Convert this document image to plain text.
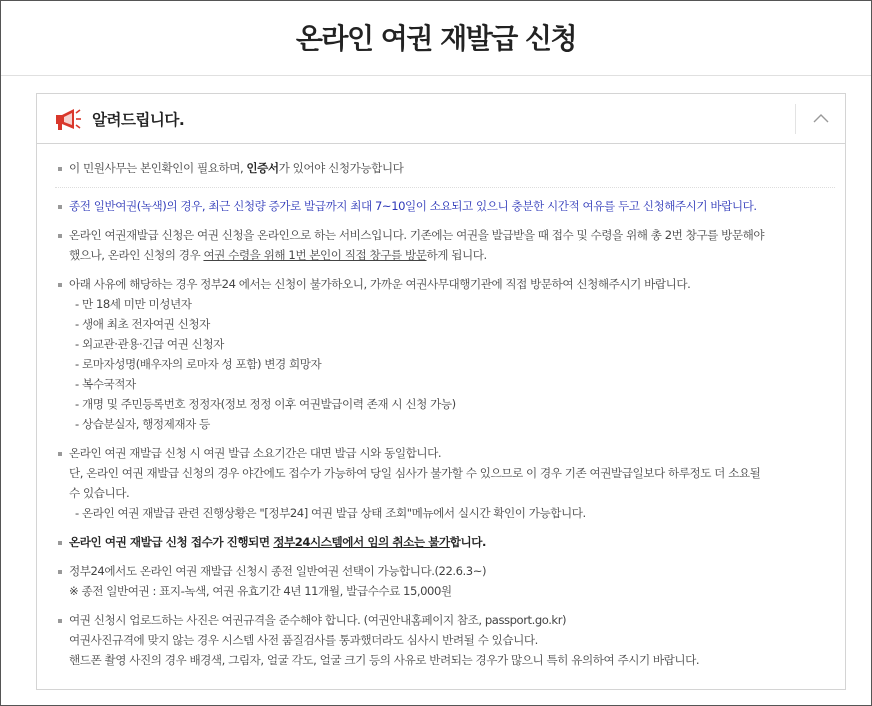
온라인 여권 재발급 신청
알려드립니다.
이 민원사무는 본인확인이 필요하며, 인증서가 있어야 신청가능합니다
종전 일반여권(녹색)의 경우, 최근 신청량 증가로 발급까지 최대 7~10일이 소요되고 있으니 충분한 시간적 여유를 두고 신청해주시기 바랍니다.
온라인 여권재발급 신청은 여권 신청을 온라인으로 하는 서비스입니다. 기존에는 여권을 발급받을 때 접수 및 수령을 위해 총 2번 창구를 방문해야
했으나, 온라인 신청의 경우 여권 수령을 위해 1번 본인이 직접 창구를 방문하게 됩니다.
아래 사유에 해당하는 경우 정부24 에서는 신청이 불가하오니, 가까운 여권사무대행기관에 직접 방문하여 신청해주시기 바랍니다.
- 만 18세 미만 미성년자
- 생애 최초 전자여권 신청자
- 외교관·관용·긴급 여권 신청자
- 로마자성명(배우자의 로마자 성 포함) 변경 희망자
- 복수국적자
- 개명 및 주민등록번호 정정자(정보 정정 이후 여권발급이력 존재 시 신청 가능)
- 상습분실자, 행정제재자 등
온라인 여권 재발급 신청 시 여권 발급 소요기간은 대면 발급 시와 동일합니다.
단, 온라인 여권 재발급 신청의 경우 야간에도 접수가 가능하여 당일 심사가 불가할 수 있으므로 이 경우 기존 여권발급일보다 하루정도 더 소요될
수 있습니다.
- 온라인 여권 재발급 관련 진행상황은 "[정부24] 여권 발급 상태 조회"메뉴에서 실시간 확인이 가능합니다.
온라인 여권 재발급 신청 접수가 진행되면 정부24시스템에서 임의 취소는 불가합니다.
정부24에서도 온라인 여권 재발급 신청시 종전 일반여권 선택이 가능합니다.(22.6.3~)
※ 종전 일반여권 : 표지-녹색, 여권 유효기간 4년 11개월, 발급수수료 15,000원
여권 신청시 업로드하는 사진은 여권규격을 준수해야 합니다. (여권안내홈페이지 참조, passport.go.kr)
여권사진규격에 맞지 않는 경우 시스템 사전 품질검사를 통과했더라도 심사시 반려될 수 있습니다.
핸드폰 촬영 사진의 경우 배경색, 그림자, 얼굴 각도, 얼굴 크기 등의 사유로 반려되는 경우가 많으니 특히 유의하여 주시기 바랍니다.
